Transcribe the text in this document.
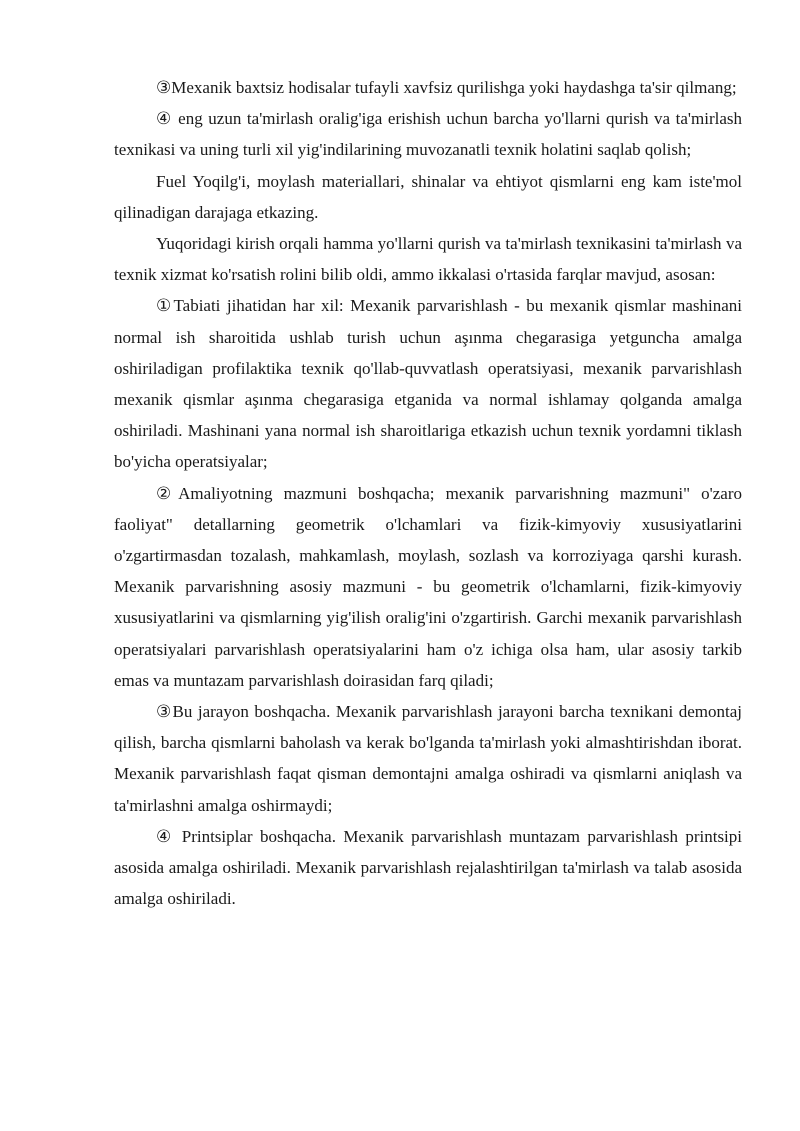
③Mexanik baxtsiz hodisalar tufayli xavfsiz qurilishga yoki haydashga ta'sir qilmang;

④ eng uzun ta'mirlash oralig'iga erishish uchun barcha yo'llarni qurish va ta'mirlash texnikasi va uning turli xil yig'indilarining muvozanatli texnik holatini saqlab qolish;

Fuel Yoqilg'i, moylash materiallari, shinalar va ehtiyot qismlarni eng kam iste'mol qilinadigan darajaga etkazing.

Yuqoridagi kirish orqali hamma yo'llarni qurish va ta'mirlash texnikasini ta'mirlash va texnik xizmat ko'rsatish rolini bilib oldi, ammo ikkalasi o'rtasida farqlar mavjud, asosan:

①Tabiati jihatidan har xil: Mexanik parvarishlash - bu mexanik qismlar mashinani normal ish sharoitida ushlab turish uchun aşınma chegarasiga yetguncha amalga oshiriladigan profilaktika texnik qo'llab-quvvatlash operatsiyasi, mexanik parvarishlash mexanik qismlar aşınma chegarasiga etganida va normal ishlamay qolganda amalga oshiriladi. Mashinani yana normal ish sharoitlariga etkazish uchun texnik yordamni tiklash bo'yicha operatsiyalar;

②Amaliyotning mazmuni boshqacha; mexanik parvarishning mazmuni" o'zaro faoliyat" detallarning geometrik o'lchamlari va fizik-kimyoviy xususiyatlarini o'zgartirmasdan tozalash, mahkamlash, moylash, sozlash va korroziyaga qarshi kurash. Mexanik parvarishning asosiy mazmuni - bu geometrik o'lchamlarni, fizik-kimyoviy xususiyatlarini va qismlarning yig'ilish oralig'ini o'zgartirish. Garchi mexanik parvarishlash operatsiyalari parvarishlash operatsiyalarini ham o'z ichiga olsa ham, ular asosiy tarkib emas va muntazam parvarishlash doirasidan farq qiladi;

③Bu jarayon boshqacha. Mexanik parvarishlash jarayoni barcha texnikani demontaj qilish, barcha qismlarni baholash va kerak bo'lganda ta'mirlash yoki almashtirishdan iborat. Mexanik parvarishlash faqat qisman demontajni amalga oshiradi va qismlarni aniqlash va ta'mirlashni amalga oshirmaydi;

④ Printsiplar boshqacha. Mexanik parvarishlash muntazam parvarishlash printsipi asosida amalga oshiriladi. Mexanik parvarishlash rejalashtirilgan ta'mirlash va talab asosida amalga oshiriladi.
